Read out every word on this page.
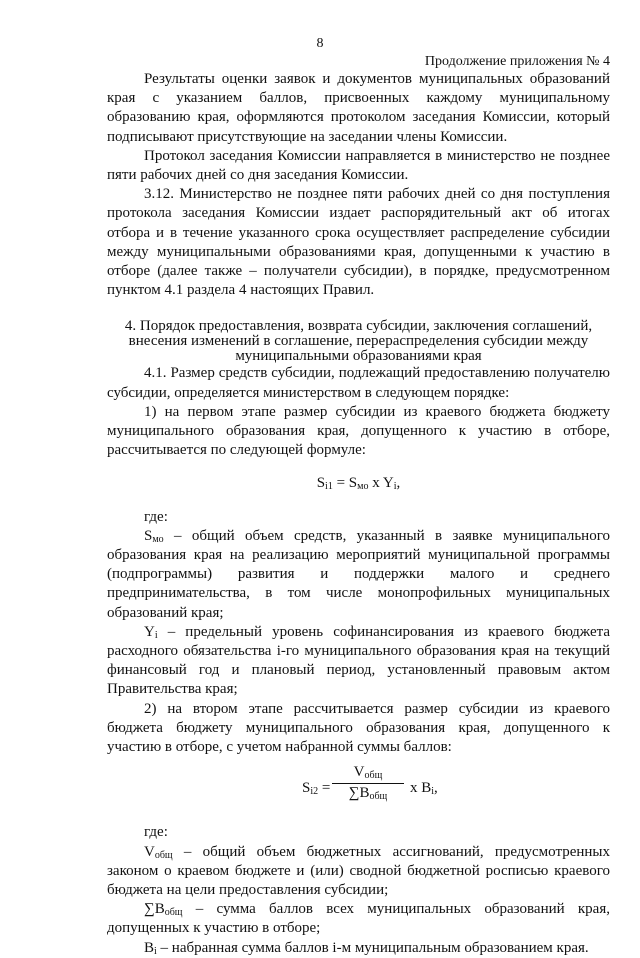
8
Продолжение приложения № 4

Результаты оценки заявок и документов муниципальных образований края с указанием баллов, присвоенных каждому муниципальному образованию края, оформляются протоколом заседания Комиссии, который подписывают присутствующие на заседании члены Комиссии.

Протокол заседания Комиссии направляется в министерство не позднее пяти рабочих дней со дня заседания Комиссии.

3.12. Министерство не позднее пяти рабочих дней со дня поступления протокола заседания Комиссии издает распорядительный акт об итогах отбора и в течение указанного срока осуществляет распределение субсидии между муниципальными образованиями края, допущенными к участию в отборе (далее также – получатели субсидии), в порядке, предусмотренном пунктом 4.1 раздела 4 настоящих Правил.

4. Порядок предоставления, возврата субсидии, заключения соглашений, внесения изменений в соглашение, перераспределения субсидии между муниципальными образованиями края

4.1. Размер средств субсидии, подлежащий предоставлению получателю субсидии, определяется министерством в следующем порядке:

1) на первом этапе размер субсидии из краевого бюджета бюджету муниципального образования края, допущенного к участию в отборе, рассчитывается по следующей формуле:

$S_{i1} = S_{мо}$ x $Y_i$,

где:

$S_{мо}$ – общий объем средств, указанный в заявке муниципального образования края на реализацию мероприятий муниципальной программы (подпрограммы) развития и поддержки малого и среднего предпринимательства, в том числе монопрофильных муниципальных образований края;

$Y_i$ – предельный уровень софинансирования из краевого бюджета расходного обязательства i-го муниципального образования края на текущий финансовый год и плановый период, установленный правовым актом Правительства края;

2) на втором этапе рассчитывается размер субсидии из краевого бюджета бюджету муниципального образования края, допущенного к участию в отборе, с учетом набранной суммы баллов:

$S_{i2}$ =
$V_{общ}$
$\sum B_{общ}$
x $B_i$,

где:

$V_{общ}$ – общий объем бюджетных ассигнований, предусмотренных законом о краевом бюджете и (или) сводной бюджетной росписью краевого бюджета на цели предоставления субсидии;

$\sum B_{общ}$ – сумма баллов всех муниципальных образований края, допущенных к участию в отборе;

$B_i$ – набранная сумма баллов i-м муниципальным образованием края.
